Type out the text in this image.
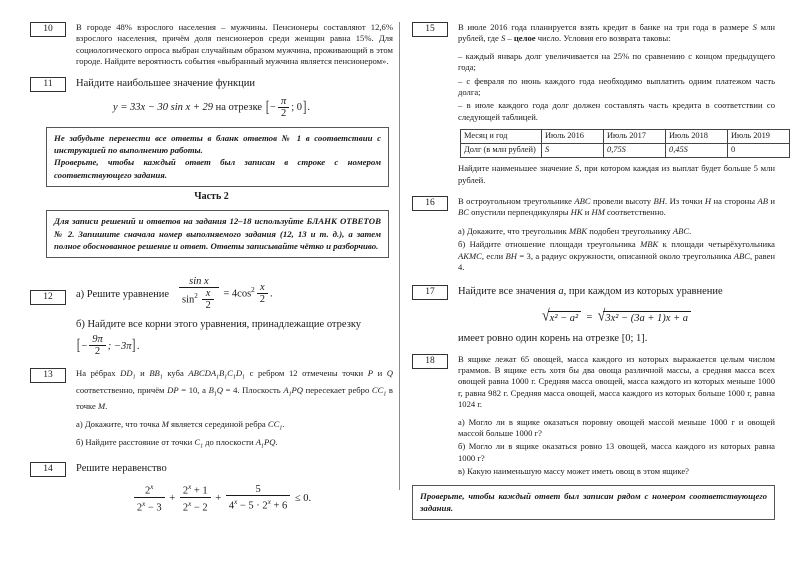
10	В городе 48% взрослого населения – мужчины. Пенсионеры составляют 12,6% взрослого населения, причём доля пенсионеров среди женщин равна 15%. Для социологического опроса выбран случайным образом мужчина, проживающий в этом городе. Найдите вероятность события «выбранный мужчина является пенсионером».

11	Найдите наибольшее значение функции

y = 33x − 30 sin x + 29 на отрезке [− $\frac{\pi}{2}$ ; 0].

Не забудьте перенести все ответы в бланк ответов № 1 в соответствии с инструкцией по выполнению работы.

Проверьте, чтобы каждый ответ был записан в строке с номером соответствующего задания.

Часть 2

Для записи решений и ответов на задания 12–18 используйте БЛАНК ОТВЕТОВ № 2. Запишите сначала номер выполняемого задания (12, 13 и т. д.), а затем полное обоснованное решение и ответ. Ответы записывайте чётко и разборчиво.

12	а) Решите уравнение $\frac{\text{sin x}}{\sin^2 \frac{x}{2}} = 4\cos^2 \frac{x}{2}$ .

б) Найдите все корни этого уравнения, принадлежащие отрезку

[− $\frac{9\pi}{2}$ ; −3π].
13	На рёбрах $DD_1$ и $BB_1$ куба $ABCDA_1B_1C_1D_1$ с ребром 12 отмечены точки P и Q соответственно, причём DP = 10, а $B_1Q = 4$. Плоскость $A_1PQ$ пересекает ребро $CC_1$ в точке M.

а) Докажите, что точка M является серединой ребра $CC_1$.

б) Найдите расстояние от точки $C_1$ до плоскости $A_1PQ$.

14	Решите неравенство

$\frac{2^x}{2^x - 3} + \frac{2^x + 1}{2^x - 2} + \frac{5}{4^x - 5 \cdot 2^x + 6} \le 0$.
15	В июле 2016 года планируется взять кредит в банке на три года в размере S млн рублей, где S – целое число. Условия его возврата таковы:

– каждый январь долг увеличивается на 25% по сравнению с концом предыдущего года;

– с февраля по июнь каждого года необходимо выплатить одним платежом часть долга;

– в июле каждого года долг должен составлять часть кредита в соответствии со следующей таблицей.

Месяц и год	Июль 2016	Июль 2017	Июль 2018	Июль 2019
Долг (в млн рублей)	S	0,75S	0,45S	0

Найдите наименьшее значение S, при котором каждая из выплат будет больше 5 млн рублей.

16	В остроугольном треугольнике ABC провели высоту BH. Из точки H на стороны AB и BC опустили перпендикуляры HK и HM соответственно.

а) Докажите, что треугольник MBK подобен треугольнику ABC.

б) Найдите отношение площади треугольника MBK к площади четырёхугольника AKMC, если BH = 3, а радиус окружности, описанной около треугольника ABC, равен 4.

17	Найдите все значения a, при каждом из которых уравнение

√x² − a²  =  √3x² − (3a + 1)x + a

имеет ровно один корень на отрезке [0; 1].

18	В ящике лежат 65 овощей, масса каждого из которых выражается целым числом граммов. В ящике есть хотя бы два овоща различной массы, а средняя масса всех овощей равна 1000 г. Средняя масса овощей, масса каждого из которых меньше 1000 г, равна 982 г. Средняя масса овощей, масса каждого из которых больше 1000 г, равна 1024 г.

а) Могло ли в ящике оказаться поровну овощей массой меньше 1000 г и овощей массой больше 1000 г?

б) Могло ли в ящике оказаться ровно 13 овощей, масса каждого из которых равна 1000 г?

в) Какую наименьшую массу может иметь овощ в этом ящике?

Проверьте, чтобы каждый ответ был записан рядом с номером соответствующего задания.
